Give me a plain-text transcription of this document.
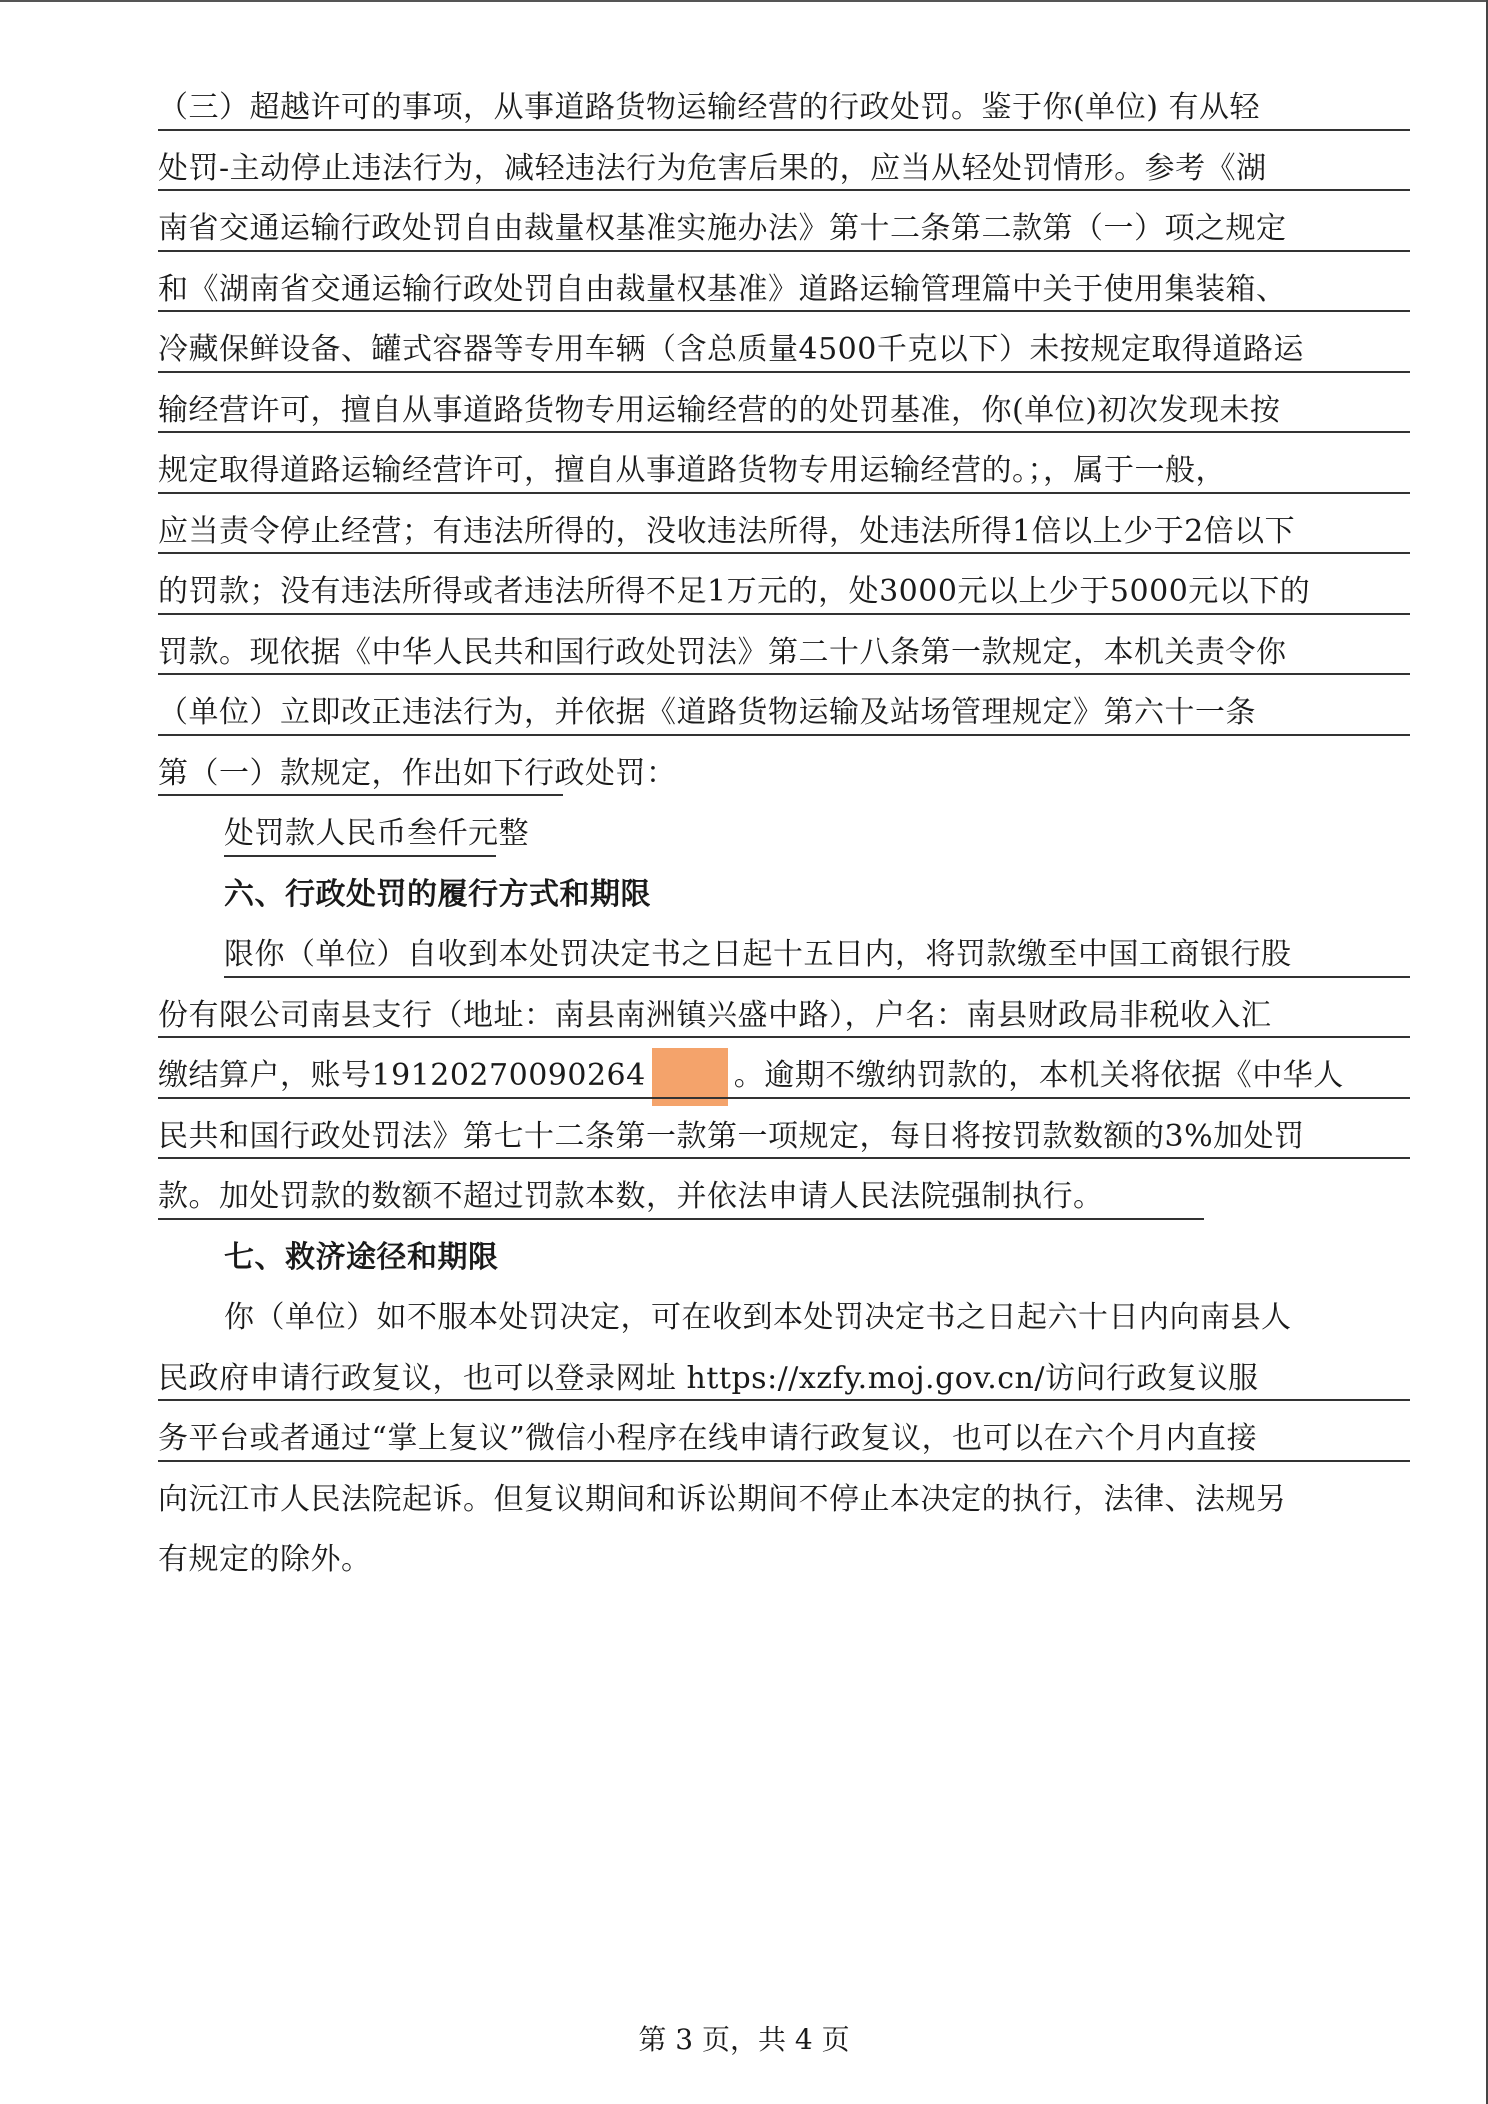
（三）超越许可的事项，从事道路货物运输经营的行政处罚。鉴于你(单位) 有从轻
处罚-主动停止违法行为，减轻违法行为危害后果的，应当从轻处罚情形。参考《湖
南省交通运输行政处罚自由裁量权基准实施办法》第十二条第二款第（一）项之规定
和《湖南省交通运输行政处罚自由裁量权基准》道路运输管理篇中关于使用集装箱、
冷藏保鲜设备、罐式容器等专用车辆（含总质量4500千克以下）未按规定取得道路运
输经营许可，擅自从事道路货物专用运输经营的的处罚基准，你(单位)初次发现未按
规定取得道路运输经营许可，擅自从事道路货物专用运输经营的。；，属于一般，
应当责令停止经营；有违法所得的，没收违法所得，处违法所得1倍以上少于2倍以下
的罚款；没有违法所得或者违法所得不足1万元的，处3000元以上少于5000元以下的
罚款。现依据《中华人民共和国行政处罚法》第二十八条第一款规定，本机关责令你
（单位）立即改正违法行为，并依据《道路货物运输及站场管理规定》第六十一条
第（一）款规定，作出如下行政处罚：
处罚款人民币叁仟元整
六、行政处罚的履行方式和期限
限你（单位）自收到本处罚决定书之日起十五日内，将罚款缴至中国工商银行股
份有限公司南县支行（地址：南县南洲镇兴盛中路），户名：南县财政局非税收入汇
缴结算户，账号19120270090264	。逾期不缴纳罚款的，本机关将依据《中华人
民共和国行政处罚法》第七十二条第一款第一项规定，每日将按罚款数额的3%加处罚
款。加处罚款的数额不超过罚款本数，并依法申请人民法院强制执行。
七、救济途径和期限
你（单位）如不服本处罚决定，可在收到本处罚决定书之日起六十日内向南县人
民政府申请行政复议，也可以登录网址 https://xzfy.moj.gov.cn/访问行政复议服
务平台或者通过“掌上复议”微信小程序在线申请行政复议，也可以在六个月内直接
向沅江市人民法院起诉。但复议期间和诉讼期间不停止本决定的执行，法律、法规另
有规定的除外。
第 3 页，共 4 页
